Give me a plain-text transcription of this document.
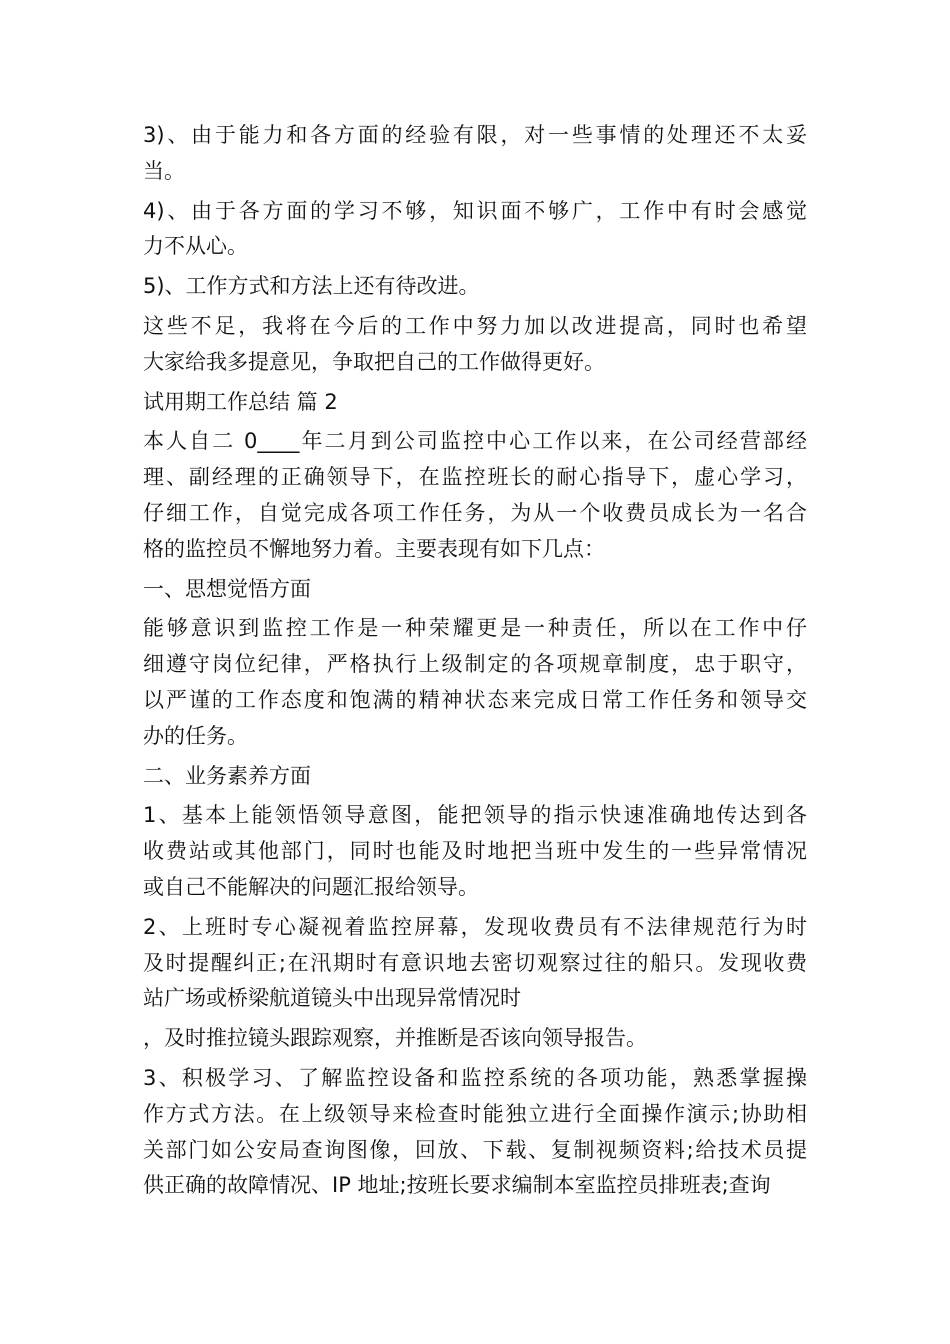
3)、由于能力和各方面的经验有限，对一些事情的处理还不太妥
当。
4)、由于各方面的学习不够，知识面不够广，工作中有时会感觉
力不从心。
5)、工作方式和方法上还有待改进。
这些不足，我将在今后的工作中努力加以改进提高，同时也希望
大家给我多提意见，争取把自己的工作做得更好。
试用期工作总结 篇 2
本人自二 0____年二月到公司监控中心工作以来，在公司经营部经
理、副经理的正确领导下，在监控班长的耐心指导下，虚心学习，
仔细工作，自觉完成各项工作任务，为从一个收费员成长为一名合
格的监控员不懈地努力着。主要表现有如下几点：
一、思想觉悟方面
能够意识到监控工作是一种荣耀更是一种责任，所以在工作中仔
细遵守岗位纪律，严格执行上级制定的各项规章制度，忠于职守，
以严谨的工作态度和饱满的精神状态来完成日常工作任务和领导交
办的任务。
二、业务素养方面
1、基本上能领悟领导意图，能把领导的指示快速准确地传达到各
收费站或其他部门，同时也能及时地把当班中发生的一些异常情况
或自己不能解决的问题汇报给领导。
2、上班时专心凝视着监控屏幕，发现收费员有不法律规范行为时
及时提醒纠正;在汛期时有意识地去密切观察过往的船只。发现收费
站广场或桥梁航道镜头中出现异常情况时
，及时推拉镜头跟踪观察，并推断是否该向领导报告。
3、积极学习、了解监控设备和监控系统的各项功能，熟悉掌握操
作方式方法。在上级领导来检查时能独立进行全面操作演示;协助相
关部门如公安局查询图像，回放、下载、复制视频资料;给技术员提
供正确的故障情况、IP 地址;按班长要求编制本室监控员排班表;查询
